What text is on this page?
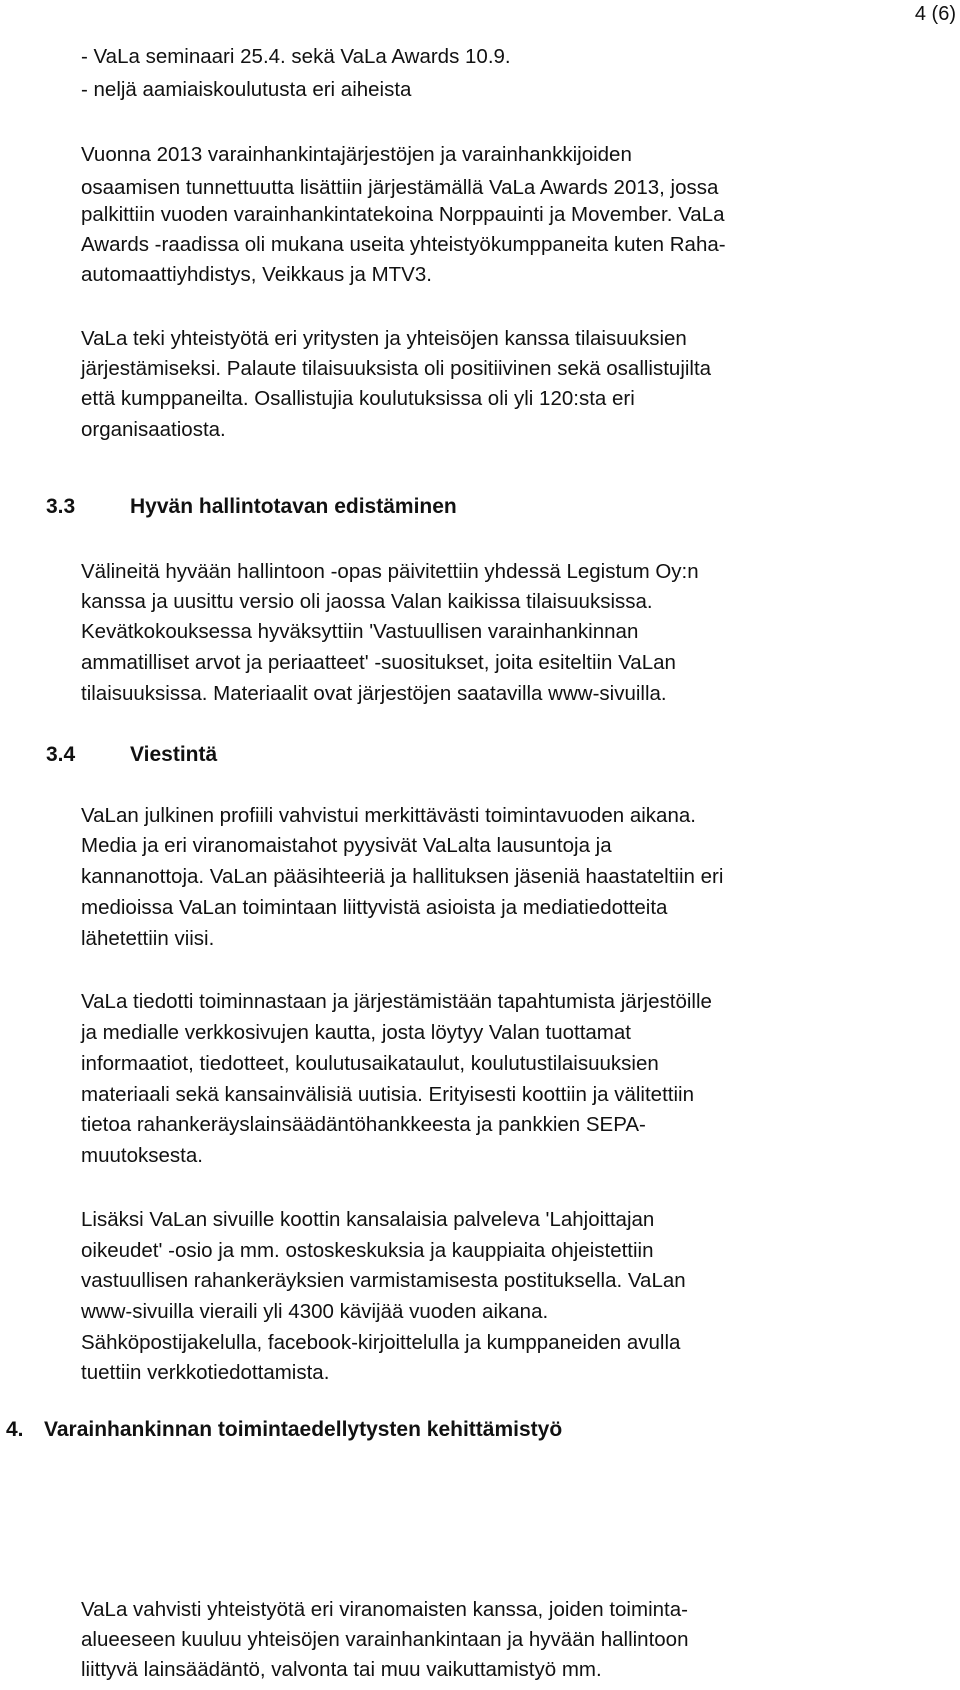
4 (6)

- VaLa seminaari 25.4. sekä VaLa Awards 10.9.

- neljä aamiaiskoulutusta eri aiheista

Vuonna 2013 varainhankintajärjestöjen ja varainhankkijoiden

osaamisen tunnettuutta lisättiin järjestämällä VaLa Awards 2013, jossa

palkittiin vuoden varainhankintatekoina Norppauinti ja Movember. VaLa

Awards -raadissa oli mukana useita yhteistyökumppaneita kuten Raha-

automaattiyhdistys, Veikkaus ja MTV3.

VaLa teki yhteistyötä eri yritysten ja yhteisöjen kanssa tilaisuuksien

järjestämiseksi. Palaute tilaisuuksista oli positiivinen sekä osallistujilta

että kumppaneilta. Osallistujia koulutuksissa oli yli 120:sta eri

organisaatiosta.

3.3	Hyvän hallintotavan edistäminen

Välineitä hyvään hallintoon -opas päivitettiin yhdessä Legistum Oy:n

kanssa ja uusittu versio oli jaossa Valan kaikissa tilaisuuksissa.

Kevätkokouksessa hyväksyttiin 'Vastuullisen varainhankinnan

ammatilliset arvot ja periaatteet' -suositukset, joita esiteltiin VaLan

tilaisuuksissa. Materiaalit ovat järjestöjen saatavilla www-sivuilla.

3.4	Viestintä

VaLan julkinen profiili vahvistui merkittävästi toimintavuoden aikana.

Media ja eri viranomaistahot pyysivät VaLalta lausuntoja ja

kannanottoja. VaLan pääsihteeriä ja hallituksen jäseniä haastateltiin eri

medioissa VaLan toimintaan liittyvistä asioista ja mediatiedotteita

lähetettiin viisi.

VaLa tiedotti toiminnastaan ja järjestämistään tapahtumista järjestöille

ja medialle verkkosivujen kautta, josta löytyy Valan tuottamat

informaatiot, tiedotteet, koulutusaikataulut, koulutustilaisuuksien

materiaali sekä kansainvälisiä uutisia. Erityisesti koottiin ja välitettiin

tietoa rahankeräyslainsäädäntöhankkeesta ja pankkien SEPA-

muutoksesta.

Lisäksi VaLan sivuille koottin kansalaisia palveleva 'Lahjoittajan

oikeudet' -osio ja mm. ostoskeskuksia ja kauppiaita ohjeistettiin

vastuullisen rahankeräyksien varmistamisesta postituksella. VaLan

www-sivuilla vieraili yli 4300 kävijää vuoden aikana.

Sähköpostijakelulla, facebook-kirjoittelulla ja kumppaneiden avulla

tuettiin verkkotiedottamista.

4. Varainhankinnan toimintaedellytysten kehittämistyö

VaLa vahvisti yhteistyötä eri viranomaisten kanssa, joiden toiminta-

alueeseen kuuluu yhteisöjen varainhankintaan ja hyvään hallintoon

liittyvä lainsäädäntö, valvonta tai muu vaikuttamistyö mm.
